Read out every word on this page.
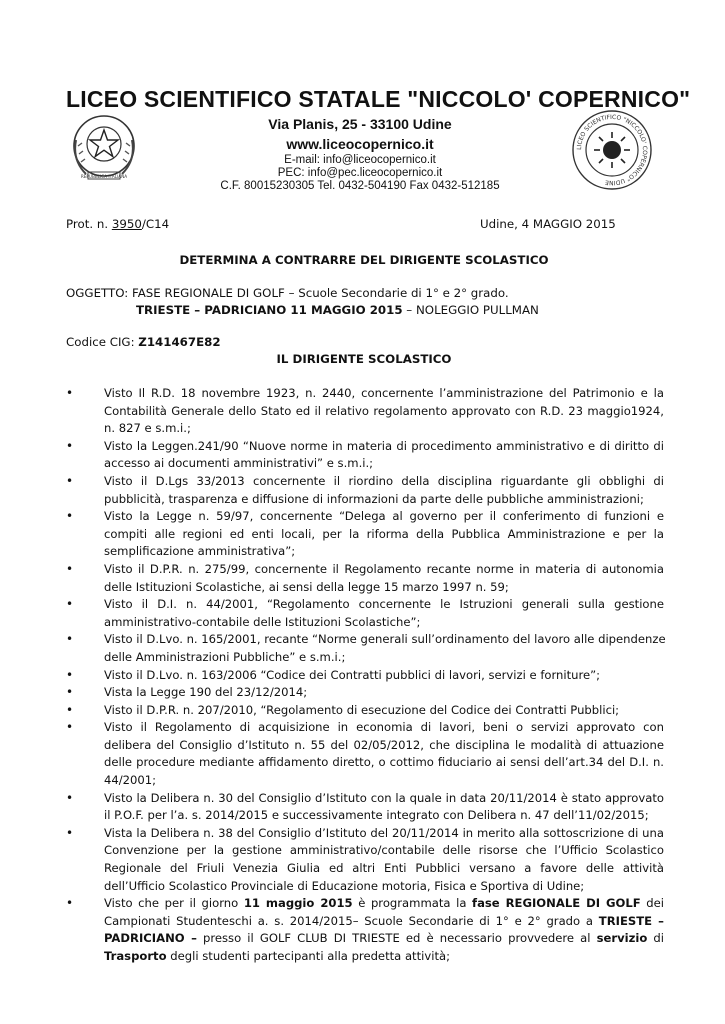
LICEO SCIENTIFICO STATALE "NICCOLO' COPERNICO"
REPUBBLICA ITALIANA
Via Planis, 25 - 33100 Udine
www.liceocopernico.it
E-mail: info@liceocopernico.it
PEC: info@pec.liceocopernico.it
C.F. 80015230305 Tel. 0432-504190 Fax 0432-512185
LICEO SCIENTIFICO "NICCOLO' COPERNICO" UDINE
Prot. n. 3950/C14	Udine, 4 MAGGIO 2015
DETERMINA A CONTRARRE DEL DIRIGENTE SCOLASTICO
OGGETTO: FASE REGIONALE DI GOLF – Scuole Secondarie di 1° e 2° grado.
TRIESTE – PADRICIANO 11 MAGGIO 2015 – NOLEGGIO PULLMAN
Codice CIG: Z141467E82
IL DIRIGENTE SCOLASTICO
• Visto Il R.D. 18 novembre 1923, n. 2440, concernente l’amministrazione del Patrimonio e la
Contabilità Generale dello Stato ed il relativo regolamento approvato con R.D. 23 maggio1924,
n. 827 e s.m.i.;
• Visto la Leggen.241/90 “Nuove norme in materia di procedimento amministrativo e di diritto di
accesso ai documenti amministrativi” e s.m.i.;
• Visto il D.Lgs 33/2013 concernente il riordino della disciplina riguardante gli obblighi di
pubblicità, trasparenza e diffusione di informazioni da parte delle pubbliche amministrazioni;
• Visto la Legge n. 59/97, concernente “Delega al governo per il conferimento di funzioni e
compiti alle regioni ed enti locali, per la riforma della Pubblica Amministrazione e per la
semplificazione amministrativa”;
• Visto il D.P.R. n. 275/99, concernente il Regolamento recante norme in materia di autonomia
delle Istituzioni Scolastiche, ai sensi della legge 15 marzo 1997 n. 59;
• Visto il D.I. n. 44/2001, “Regolamento concernente le Istruzioni generali sulla gestione
amministrativo-contabile delle Istituzioni Scolastiche”;
• Visto il D.Lvo. n. 165/2001, recante “Norme generali sull’ordinamento del lavoro alle dipendenze
delle Amministrazioni Pubbliche” e s.m.i.;
• Visto il D.Lvo. n. 163/2006 “Codice dei Contratti pubblici di lavori, servizi e forniture”;
• Vista la Legge 190 del 23/12/2014;
• Visto il D.P.R. n. 207/2010, “Regolamento di esecuzione del Codice dei Contratti Pubblici;
• Visto il Regolamento di acquisizione in economia di lavori, beni o servizi approvato con
delibera del Consiglio d’Istituto n. 55 del 02/05/2012, che disciplina le modalità di attuazione
delle procedure mediante affidamento diretto, o cottimo fiduciario ai sensi dell’art.34 del D.I. n.
44/2001;
• Visto la Delibera n. 30 del Consiglio d’Istituto con la quale in data 20/11/2014 è stato approvato
il P.O.F. per l’a. s. 2014/2015 e successivamente integrato con Delibera n. 47 dell’11/02/2015;
• Vista la Delibera n. 38 del Consiglio d’Istituto del 20/11/2014 in merito alla sottoscrizione di una
Convenzione per la gestione amministrativo/contabile delle risorse che l’Ufficio Scolastico
Regionale del Friuli Venezia Giulia ed altri Enti Pubblici versano a favore delle attività
dell’Ufficio Scolastico Provinciale di Educazione motoria, Fisica e Sportiva di Udine;
• Visto che per il giorno 11 maggio 2015 è programmata la fase REGIONALE DI GOLF dei
Campionati Studenteschi a. s. 2014/2015– Scuole Secondarie di 1° e 2° grado a TRIESTE –
PADRICIANO – presso il GOLF CLUB DI TRIESTE ed è necessario provvedere al servizio di
Trasporto degli studenti partecipanti alla predetta attività;
